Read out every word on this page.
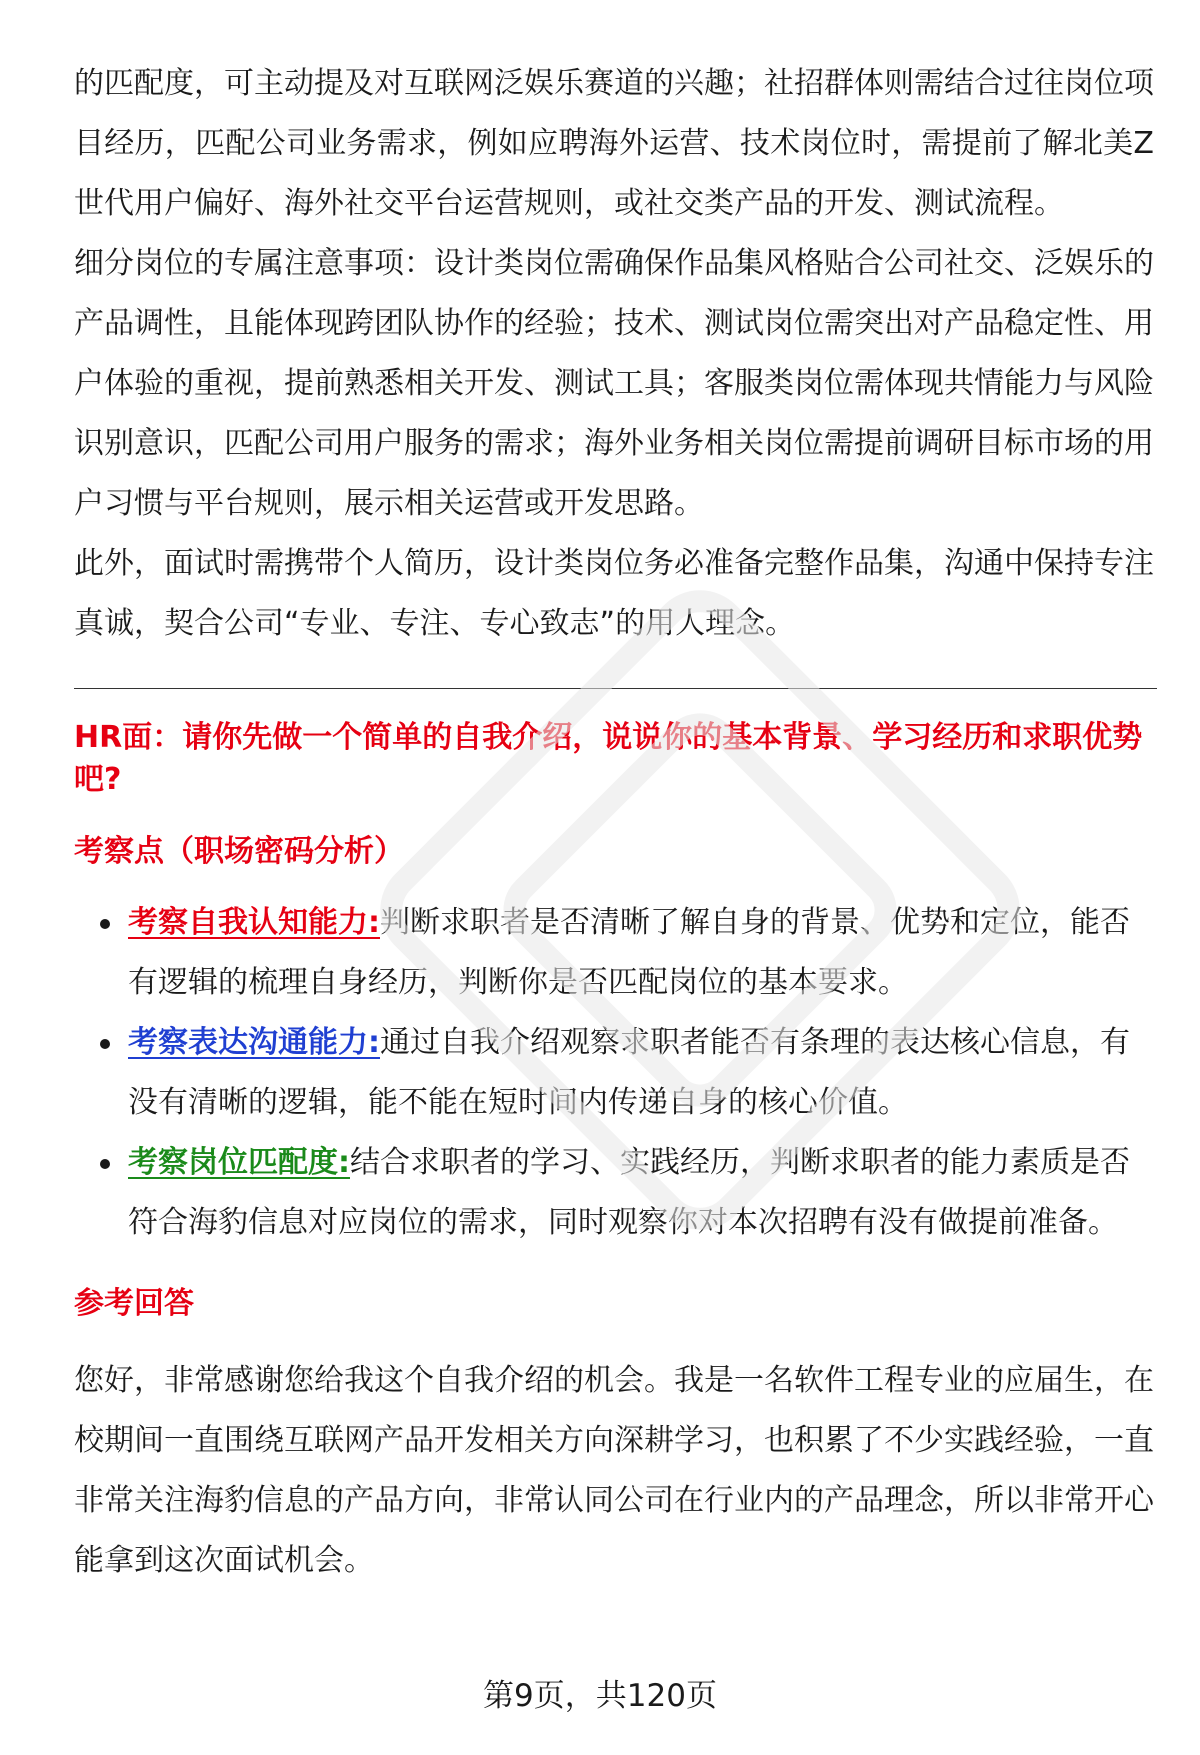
的匹配度，可主动提及对互联网泛娱乐赛道的兴趣；社招群体则需结合过往岗位项目经历，匹配公司业务需求，例如应聘海外运营、技术岗位时，需提前了解北美Z世代用户偏好、海外社交平台运营规则，或社交类产品的开发、测试流程。

细分岗位的专属注意事项：设计类岗位需确保作品集风格贴合公司社交、泛娱乐的产品调性，且能体现跨团队协作的经验；技术、测试岗位需突出对产品稳定性、用户体验的重视，提前熟悉相关开发、测试工具；客服类岗位需体现共情能力与风险识别意识，匹配公司用户服务的需求；海外业务相关岗位需提前调研目标市场的用户习惯与平台规则，展示相关运营或开发思路。

此外，面试时需携带个人简历，设计类岗位务必准备完整作品集，沟通中保持专注真诚，契合公司“专业、专注、专心致志”的用人理念。

HR面：请你先做一个简单的自我介绍，说说你的基本背景、学习经历和求职优势吧?
考察点（职场密码分析）
考察自我认知能力:判断求职者是否清晰了解自身的背景、优势和定位，能否有逻辑的梳理自身经历，判断你是否匹配岗位的基本要求。
考察表达沟通能力:通过自我介绍观察求职者能否有条理的表达核心信息，有没有清晰的逻辑，能不能在短时间内传递自身的核心价值。
考察岗位匹配度:结合求职者的学习、实践经历，判断求职者的能力素质是否符合海豹信息对应岗位的需求，同时观察你对本次招聘有没有做提前准备。
参考回答

您好，非常感谢您给我这个自我介绍的机会。我是一名软件工程专业的应届生，在校期间一直围绕互联网产品开发相关方向深耕学习，也积累了不少实践经验，一直非常关注海豹信息的产品方向，非常认同公司在行业内的产品理念，所以非常开心能拿到这次面试机会。

第9页，共120页
